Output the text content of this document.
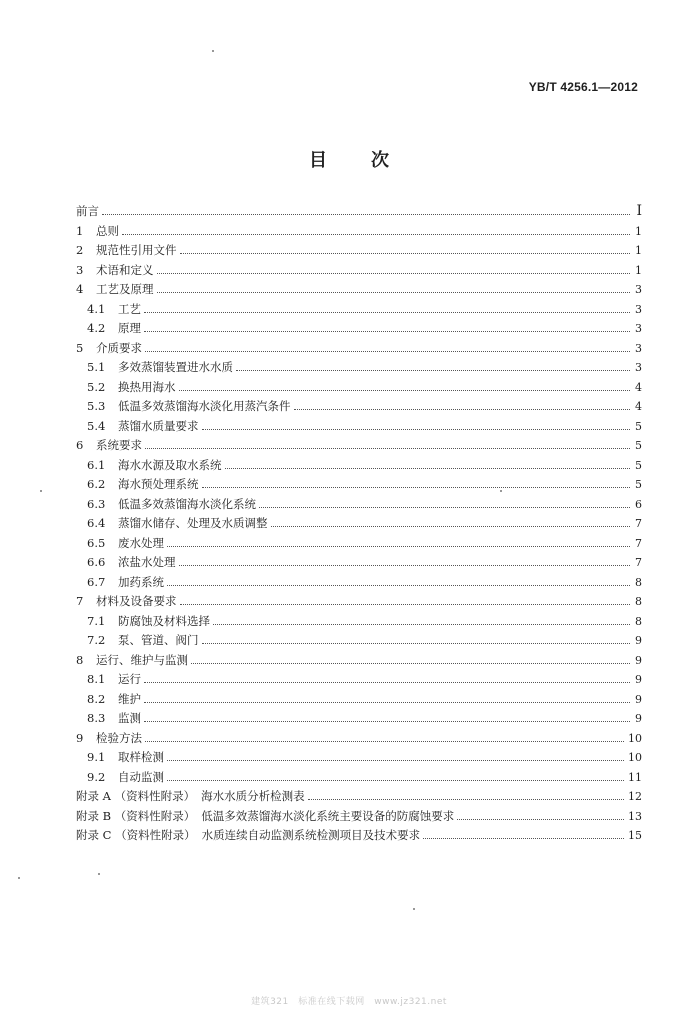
YB/T 4256.1—2012
目次
前言	I
1	总则	1
2	规范性引用文件	1
3	术语和定义	1
4	工艺及原理	3
4.1	工艺	3
4.2	原理	3
5	介质要求	3
5.1	多效蒸馏装置进水水质	3
5.2	换热用海水	4
5.3	低温多效蒸馏海水淡化用蒸汽条件	4
5.4	蒸馏水质量要求	5
6	系统要求	5
6.1	海水水源及取水系统	5
6.2	海水预处理系统	5
6.3	低温多效蒸馏海水淡化系统	6
6.4	蒸馏水储存、处理及水质调整	7
6.5	废水处理	7
6.6	浓盐水处理	7
6.7	加药系统	8
7	材料及设备要求	8
7.1	防腐蚀及材料选择	8
7.2	泵、管道、阀门	9
8	运行、维护与监测	9
8.1	运行	9
8.2	维护	9
8.3	监测	9
9	检验方法	10
9.1	取样检测	10
9.2	自动监测	11
附录 A （资料性附录） 海水水质分析检测表	12
附录 B （资料性附录） 低温多效蒸馏海水淡化系统主要设备的防腐蚀要求	13
附录 C （资料性附录） 水质连续自动监测系统检测项目及技术要求	15
建筑321　标准在线下载网　www.jz321.net
